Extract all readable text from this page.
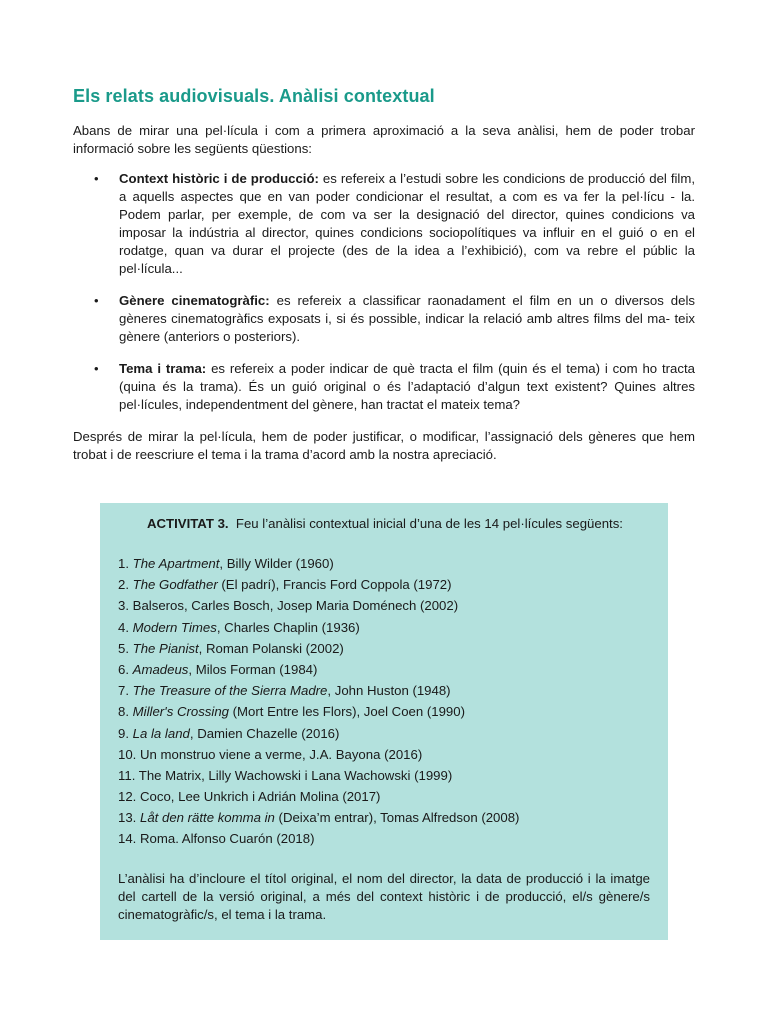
Els relats audiovisuals. Anàlisi contextual

Abans de mirar una pel·lícula i com a primera aproximació a la seva anàlisi, hem de poder trobar informació sobre les següents qüestions:

• Context històric i de producció: es refereix a l’estudi sobre les condicions de producció del film, a aquells aspectes que en van poder condicionar el resultat, a com es va fer la pel·lícu - la. Podem parlar, per exemple, de com va ser la designació del director, quines condicions va imposar la indústria al director, quines condicions sociopolítiques va influir en el guió o en el rodatge, quan va durar el projecte (des de la idea a l’exhibició), com va rebre el públic la pel·lícula...
• Gènere cinematogràfic: es refereix a classificar raonadament el film en un o diversos dels gèneres cinematogràfics exposats i, si és possible, indicar la relació amb altres films del ma- teix gènere (anteriors o posteriors).
• Tema i trama: es refereix a poder indicar de què tracta el film (quin és el tema) i com ho tracta (quina és la trama). És un guió original o és l’adaptació d’algun text existent? Quines altres pel·lícules, independentment del gènere, han tractat el mateix tema?

Després de mirar la pel·lícula, hem de poder justificar, o modificar, l’assignació dels gèneres que hem trobat i de reescriure el tema i la trama d’acord amb la nostra apreciació.

ACTIVITAT 3. Feu l’anàlisi contextual inicial d’una de les 14 pel·lícules següents:
1. The Apartment, Billy Wilder (1960)
2. The Godfather (El padrí), Francis Ford Coppola (1972)
3. Balseros, Carles Bosch, Josep Maria Doménech (2002)
4. Modern Times, Charles Chaplin (1936)
5. The Pianist, Roman Polanski (2002)
6. Amadeus, Milos Forman (1984)
7. The Treasure of the Sierra Madre, John Huston (1948)
8. Miller's Crossing (Mort Entre les Flors), Joel Coen (1990)
9. La la land, Damien Chazelle (2016)
10. Un monstruo viene a verme, J.A. Bayona (2016)
11. The Matrix, Lilly Wachowski i Lana Wachowski (1999)
12. Coco, Lee Unkrich i Adrián Molina (2017)
13. Låt den rätte komma in (Deixa’m entrar), Tomas Alfredson (2008)
14. Roma. Alfonso Cuarón (2018)

L’anàlisi ha d’incloure el títol original, el nom del director, la data de producció i la imatge del cartell de la versió original, a més del context històric i de producció, el/s gènere/s cinematogràfic/s, el tema i la trama.
